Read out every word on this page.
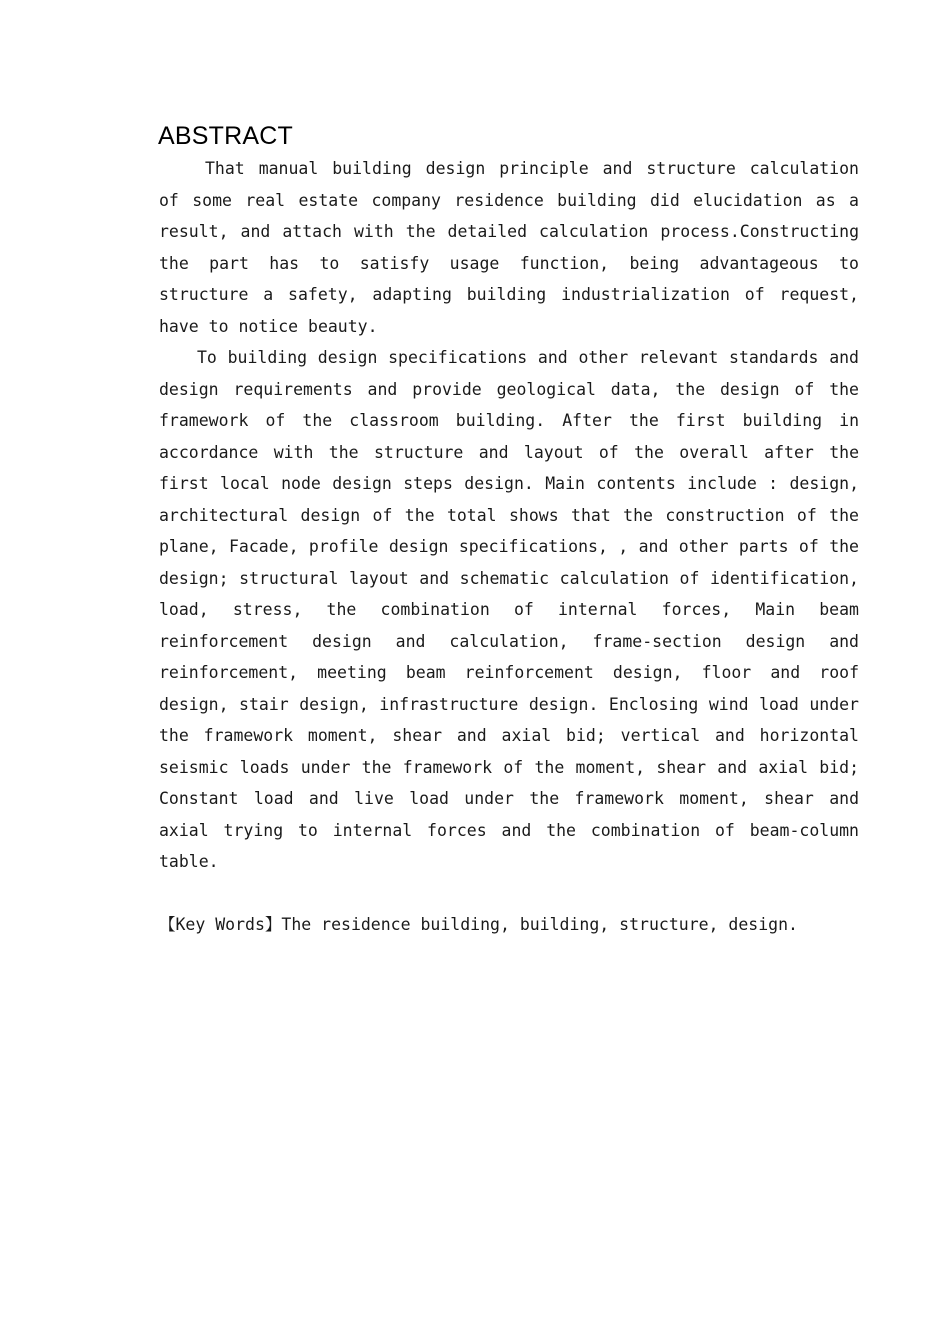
ABSTRACT

That manual building design principle and structure calculation of some real estate company residence building did elucidation as a result, and attach with the detailed calculation process.Constructing the part has to satisfy usage function, being advantageous to structure a safety, adapting building industrialization of request, have to notice beauty.

To building design specifications and other relevant standards and design requirements and provide geological data, the design of the framework of the classroom building. After the first building in accordance with the structure and layout of the overall after the first local node design steps design. Main contents include : design, architectural design of the total shows that the construction of the plane, Facade, profile design specifications, , and other parts of the design; structural layout and schematic calculation of identification, load, stress, the combination of internal forces, Main beam reinforcement design and calculation, frame-section design and reinforcement, meeting beam reinforcement design, floor and roof design, stair design, infrastructure design. Enclosing wind load under the framework moment, shear and axial bid; vertical and horizontal seismic loads under the framework of the moment, shear and axial bid; Constant load and live load under the framework moment, shear and axial trying to internal forces and the combination of beam-column table.

【Key Words】The residence building, building, structure, design.
